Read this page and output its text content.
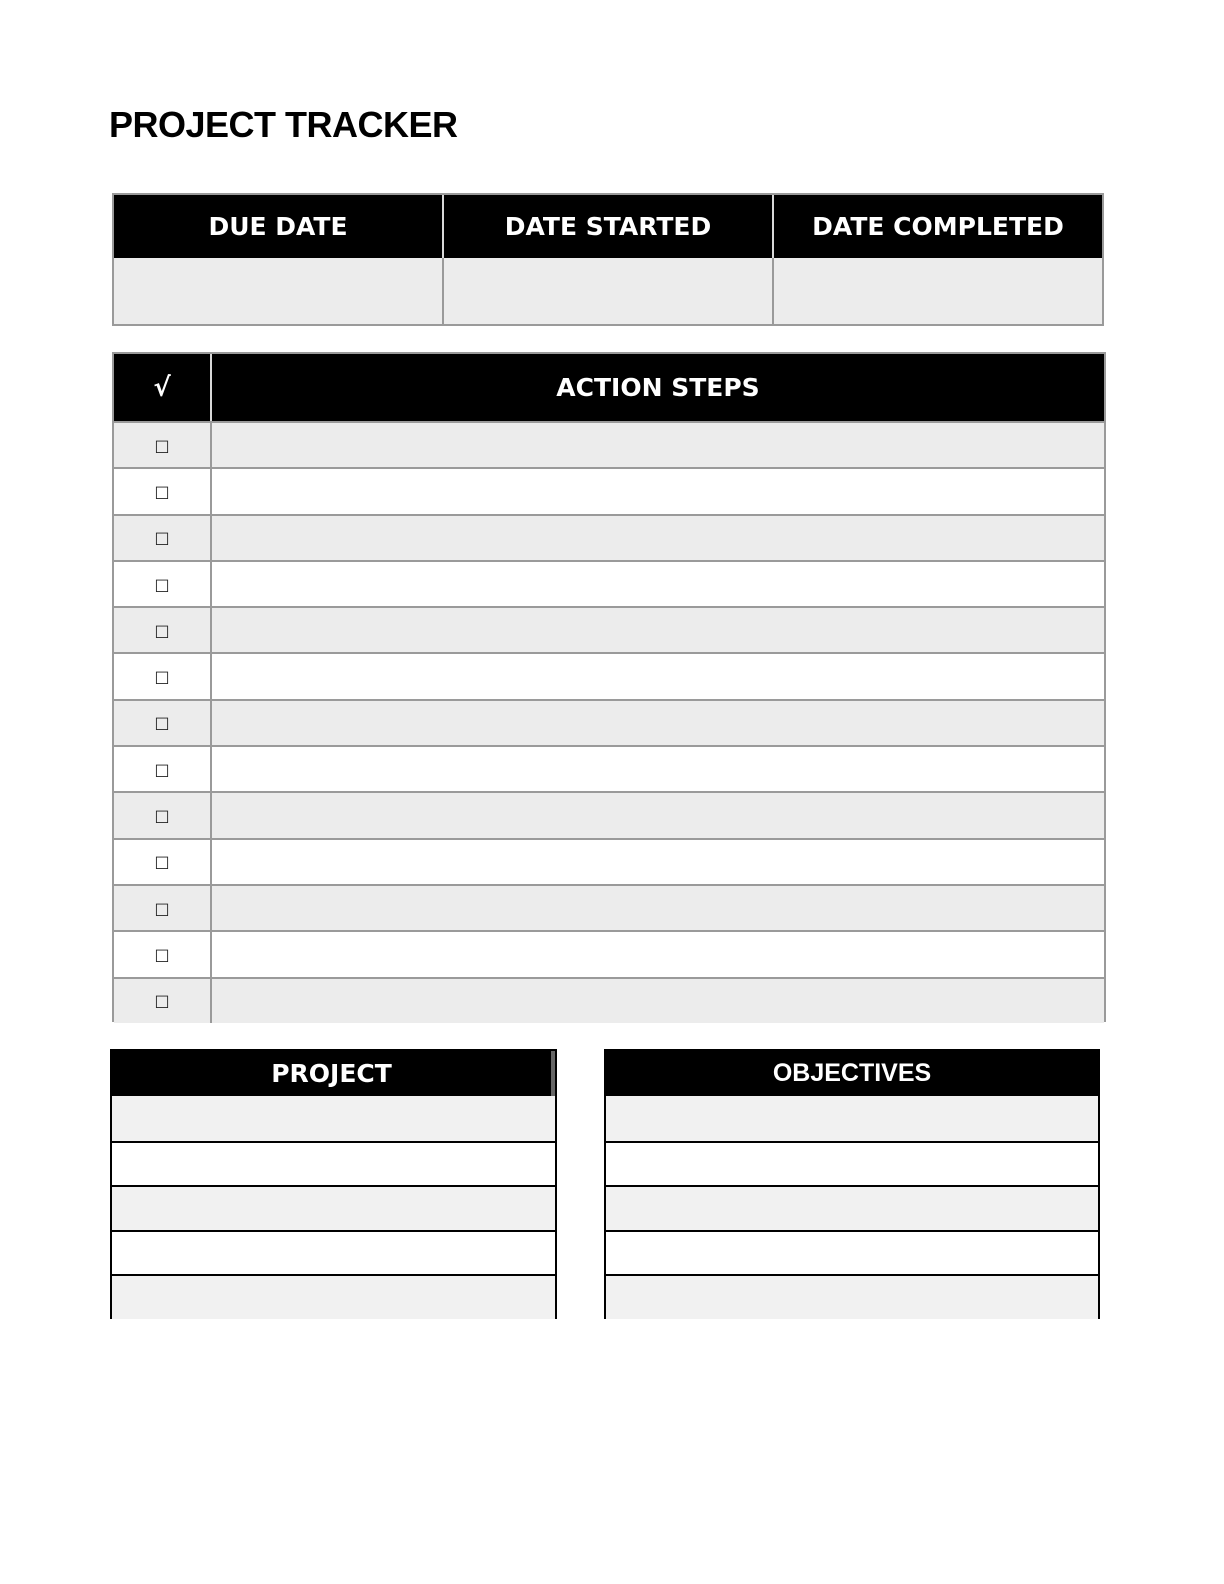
PROJECT TRACKER
DUE DATE	DATE STARTED	DATE COMPLETED
√	ACTION STEPS
□
□
□
□
□
□
□
□
□
□
□
□
□
PROJECT	OBJECTIVES
